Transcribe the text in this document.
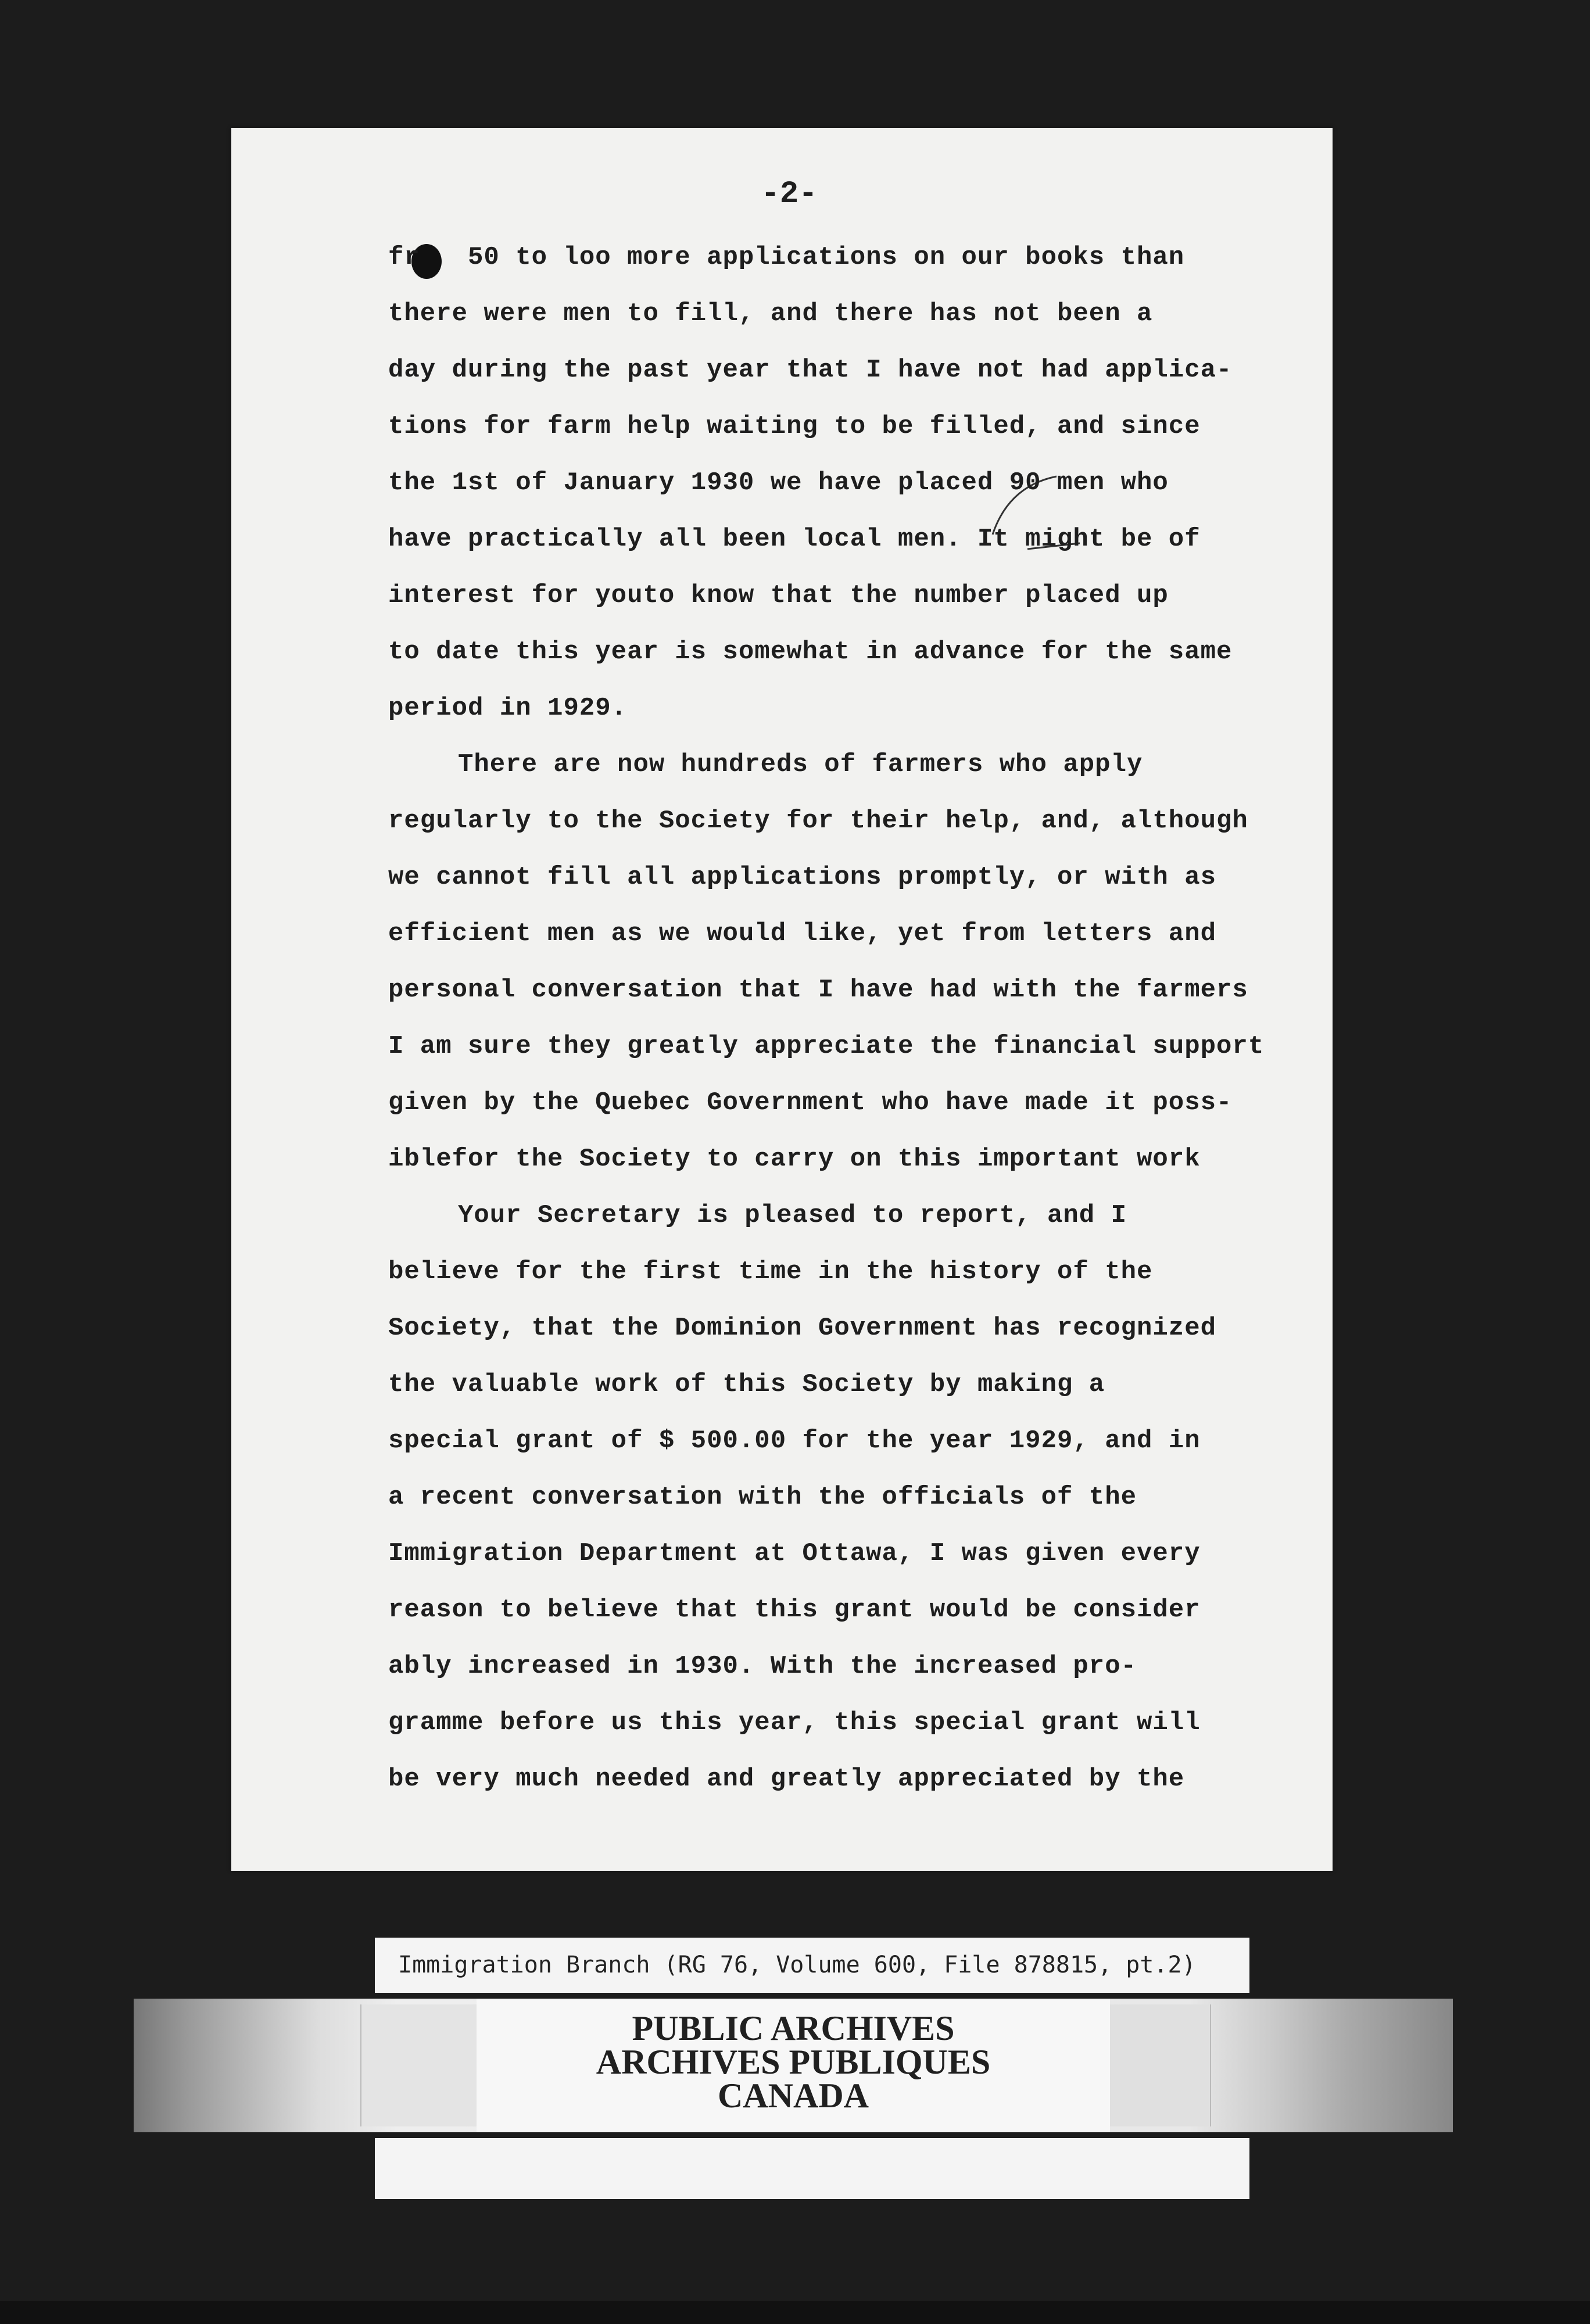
-2-
fr   50 to loo more applications on our books than
there were men to fill, and there has not been a
day during the past year that I have not had applica-
tions for farm help waiting to be filled, and since
the 1st of January 1930 we have placed 90 men who
have practically all been local men. It might be of
interest for youto know that the number placed up
to date this year is somewhat in advance for the same
period in 1929.
There are now hundreds of farmers who apply
regularly to the Society for their help, and, although
we cannot fill all applications promptly, or with as
efficient men as we would like, yet from letters and
personal conversation that I have had with the farmers
I am sure they greatly appreciate the financial support
given by the Quebec Government who have made it poss-
iblefor the Society to carry on this important work
Your Secretary is pleased to report, and I
believe for the first time in the history of the
Society, that the Dominion Government has recognized
the valuable work of this Society by making a
special grant of $ 500.00 for the year 1929, and in
a recent conversation with the officials of the
Immigration Department at Ottawa, I was given every
reason to believe that this grant would be consider
ably increased in 1930. With the increased pro-
gramme before us this year, this special grant will
be very much needed and greatly appreciated by the
Immigration Branch (RG 76, Volume 600, File 878815, pt.2)
PUBLIC ARCHIVES
ARCHIVES PUBLIQUES
CANADA
